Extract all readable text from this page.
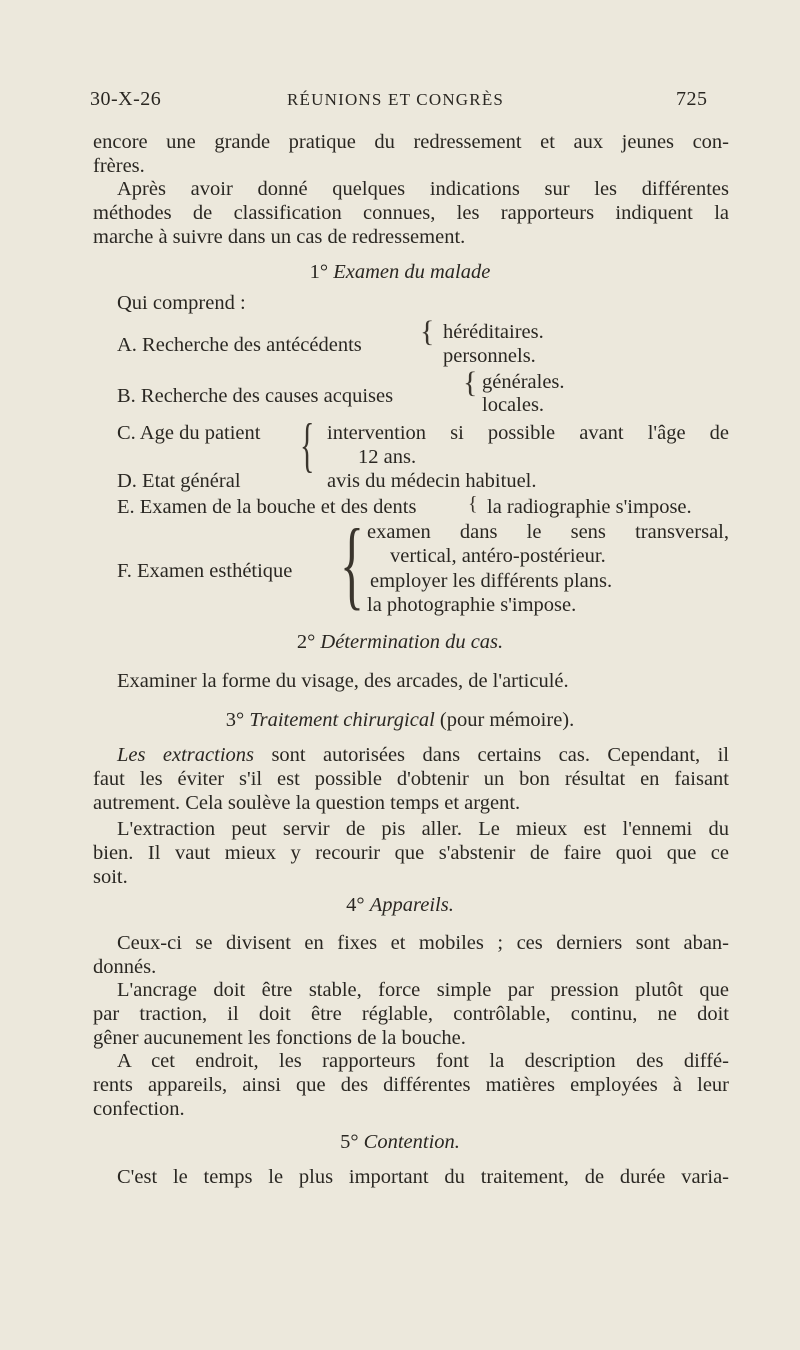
30-X-26	RÉUNIONS ET CONGRÈS	725
encore une grande pratique du redressement et aux jeunes con-
frères.
Après avoir donné quelques indications sur les différentes
méthodes de classification connues, les rapporteurs indiquent la
marche à suivre dans un cas de redressement.
1° Examen du malade
Qui comprend :
A. Recherche des antécédents { héréditaires.
personnels.
B. Recherche des causes acquises { générales.
locales.
C. Age du patient { intervention si possible avant l'âge de
12 ans.
D. Etat général	avis du médecin habituel.
E. Examen de la bouche et des dents	{ la radiographie s'impose.
F. Examen esthétique { examen dans le sens transversal,
vertical, antéro-postérieur.
employer les différents plans.
la photographie s'impose.
2° Détermination du cas.
Examiner la forme du visage, des arcades, de l'articulé.
3° Traitement chirurgical (pour mémoire).
Les extractions sont autorisées dans certains cas. Cependant, il
faut les éviter s'il est possible d'obtenir un bon résultat en faisant
autrement. Cela soulève la question temps et argent.
L'extraction peut servir de pis aller. Le mieux est l'ennemi du
bien. Il vaut mieux y recourir que s'abstenir de faire quoi que ce
soit.
4° Appareils.
Ceux-ci se divisent en fixes et mobiles ; ces derniers sont aban-
donnés.
L'ancrage doit être stable, force simple par pression plutôt que
par traction, il doit être réglable, contrôlable, continu, ne doit
gêner aucunement les fonctions de la bouche.
A cet endroit, les rapporteurs font la description des diffé-
rents appareils, ainsi que des différentes matières employées à leur
confection.
5° Contention.
C'est le temps le plus important du traitement, de durée varia-
